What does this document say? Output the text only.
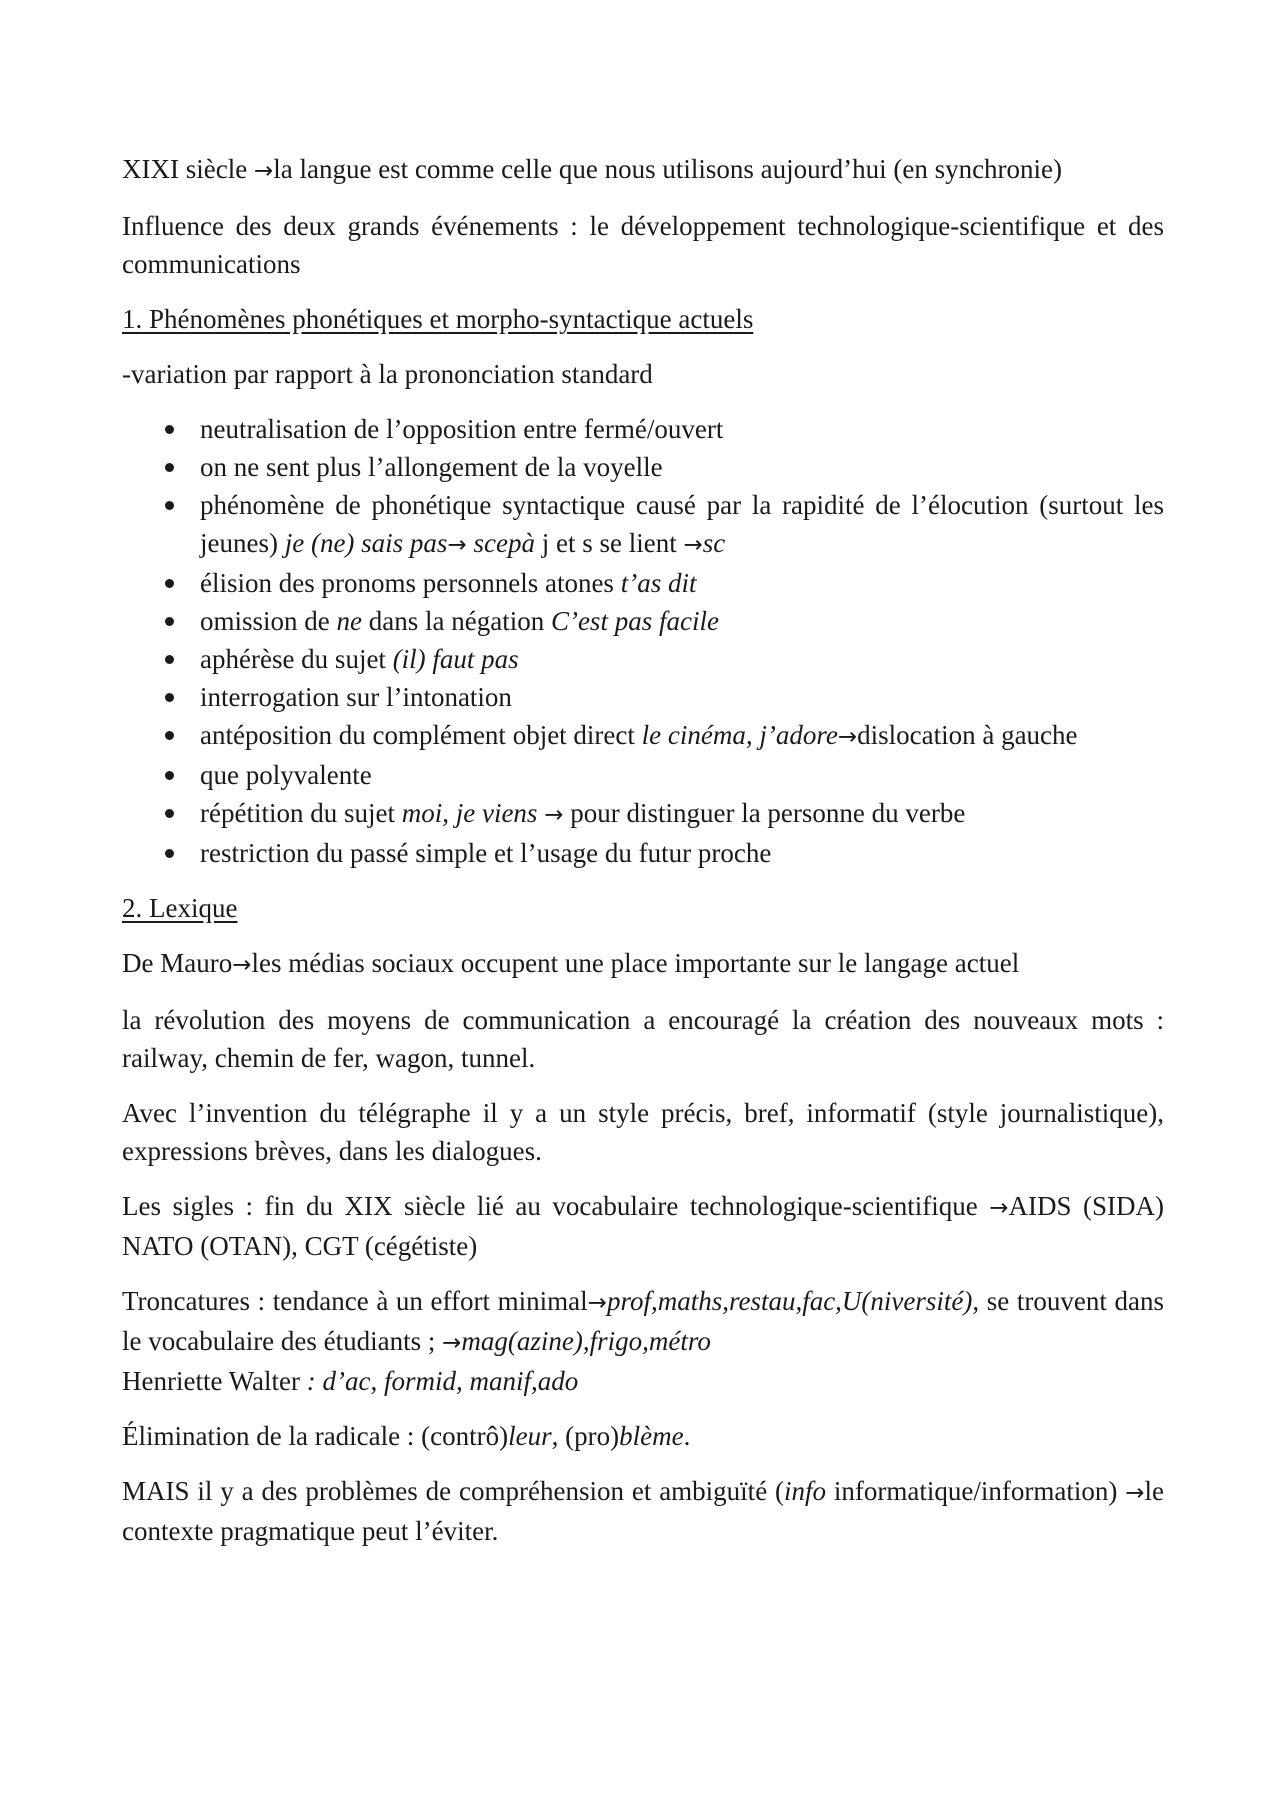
XIXI siècle →la langue est comme celle que nous utilisons aujourd’hui (en synchronie)

Influence des deux grands événements : le développement technologique-scientifique et des communications

1. Phénomènes phonétiques et morpho-syntactique actuels

-variation par rapport à la prononciation standard

neutralisation de l’opposition entre fermé/ouvert
on ne sent plus l’allongement de la voyelle
phénomène de phonétique syntactique causé par la rapidité de l’élocution (surtout les jeunes) je (ne) sais pas→ scepà j et s se lient →sc
élision des pronoms personnels atones t’as dit
omission de ne dans la négation C’est pas facile
aphérèse du sujet (il) faut pas
interrogation sur l’intonation
antéposition du complément objet direct le cinéma, j’adore→dislocation à gauche
que polyvalente
répétition du sujet moi, je viens → pour distinguer la personne du verbe
restriction du passé simple et l’usage du futur proche
2. Lexique

De Mauro→les médias sociaux occupent une place importante sur le langage actuel

la révolution des moyens de communication a encouragé la création des nouveaux mots : railway, chemin de fer, wagon, tunnel.

Avec l’invention du télégraphe il y a un style précis, bref, informatif (style journalistique), expressions brèves, dans les dialogues.

Les sigles : fin du XIX siècle lié au vocabulaire technologique-scientifique →AIDS (SIDA) NATO (OTAN), CGT (cégétiste)

Troncatures : tendance à un effort minimal→prof,maths,restau,fac,U(niversité), se trouvent dans le vocabulaire des étudiants ; →mag(azine),frigo,métro

Henriette Walter : d’ac, formid, manif,ado

Élimination de la radicale : (contrô)leur, (pro)blème.

MAIS il y a des problèmes de compréhension et ambiguïté (info informatique/information) →le contexte pragmatique peut l’éviter.
